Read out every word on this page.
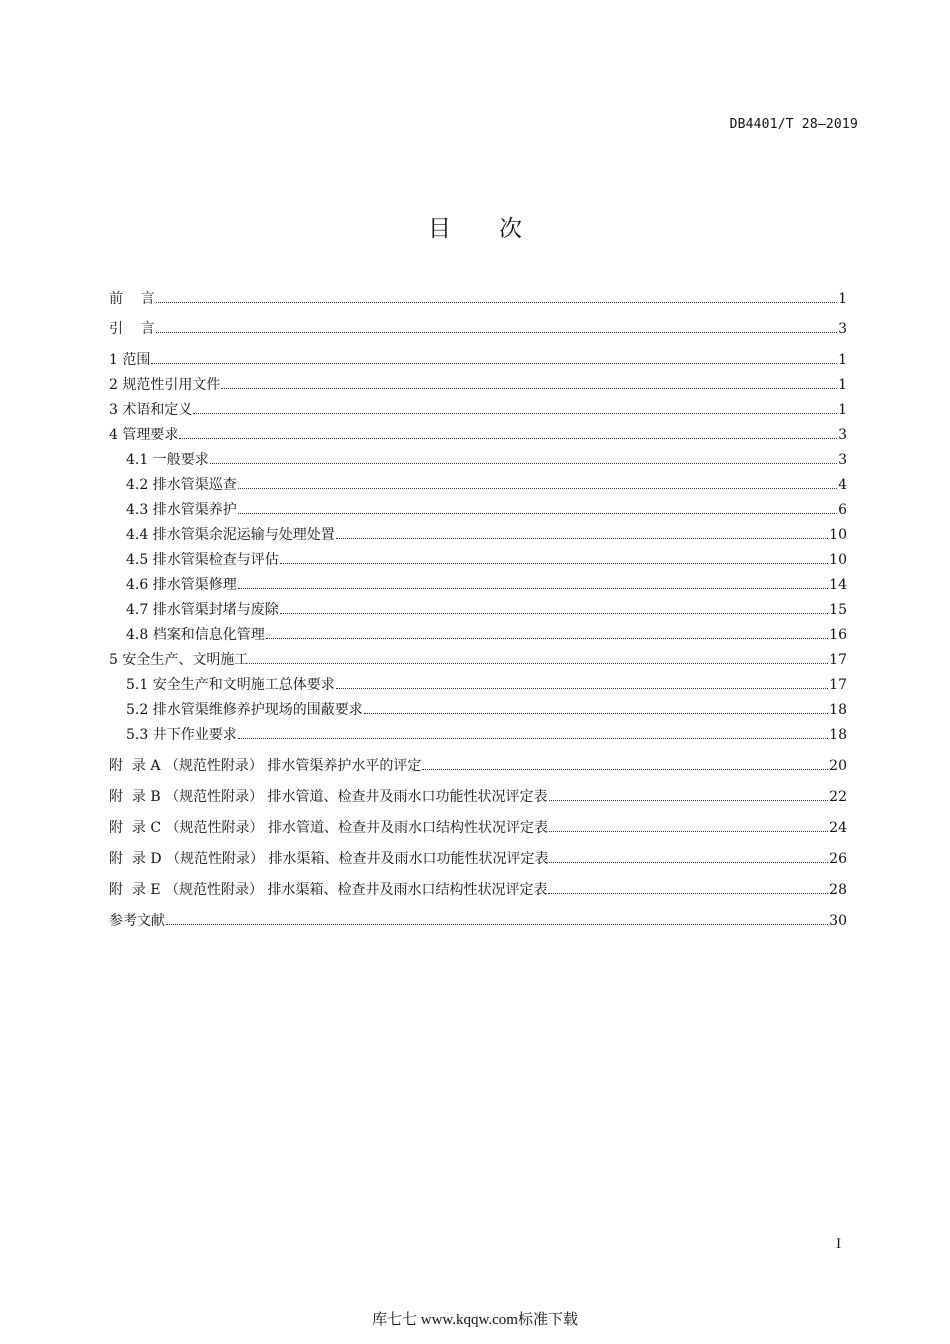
DB4401/T 28—2019
目次
前    言	1
引    言	3
1 范围	1
2 规范性引用文件	1
3 术语和定义	1
4 管理要求	3
4.1 一般要求	3
4.2 排水管渠巡查	4
4.3 排水管渠养护	6
4.4 排水管渠余泥运输与处理处置	10
4.5 排水管渠检查与评估	10
4.6 排水管渠修理	14
4.7 排水管渠封堵与废除	15
4.8 档案和信息化管理	16
5 安全生产、文明施工	17
5.1 安全生产和文明施工总体要求	17
5.2 排水管渠维修养护现场的围蔽要求	18
5.3 井下作业要求	18
附  录 A （规范性附录） 排水管渠养护水平的评定	20
附  录 B （规范性附录） 排水管道、检查井及雨水口功能性状况评定表	22
附  录 C （规范性附录） 排水管道、检查井及雨水口结构性状况评定表	24
附  录 D （规范性附录） 排水渠箱、检查井及雨水口功能性状况评定表	26
附  录 E （规范性附录） 排水渠箱、检查井及雨水口结构性状况评定表	28
参考文献	30
I
库七七 www.kqqw.com标准下载
